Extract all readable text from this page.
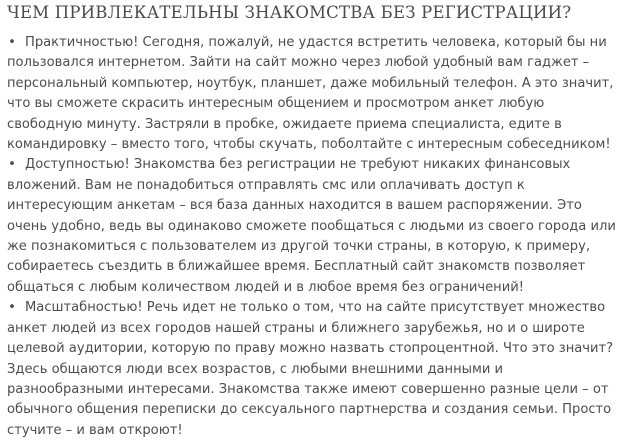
ЧЕМ ПРИВЛЕКАТЕЛЬНЫ ЗНАКОМСТВА БЕЗ РЕГИСТРАЦИИ?
• Практичностью! Сегодня, пожалуй, не удастся встретить человека, который бы ни пользовался интернетом. Зайти на сайт можно через любой удобный вам гаджет – персональный компьютер, ноутбук, планшет, даже мобильный телефон. А это значит, что вы сможете скрасить интересным общением и просмотром анкет любую свободную минуту. Застряли в пробке, ожидаете приема специалиста, едите в командировку – вместо того, чтобы скучать, поболтайте с интересным собеседником!
• Доступностью! Знакомства без регистрации не требуют никаких финансовых вложений. Вам не понадобиться отправлять смс или оплачивать доступ к интересующим анкетам – вся база данных находится в вашем распоряжении. Это очень удобно, ведь вы одинаково сможете пообщаться с людьми из своего города или же познакомиться с пользователем из другой точки страны, в которую, к примеру, собираетесь съездить в ближайшее время. Бесплатный сайт знакомств позволяет общаться с любым количеством людей и в любое время без ограничений!
• Масштабностью! Речь идет не только о том, что на сайте присутствует множество анкет людей из всех городов нашей страны и ближнего зарубежья, но и о широте целевой аудитории, которую по праву можно назвать стопроцентной. Что это значит? Здесь общаются люди всех возрастов, с любыми внешними данными и разнообразными интересами. Знакомства также имеют совершенно разные цели – от обычного общения переписки до сексуального партнерства и создания семьи. Просто стучите – и вам откроют!
